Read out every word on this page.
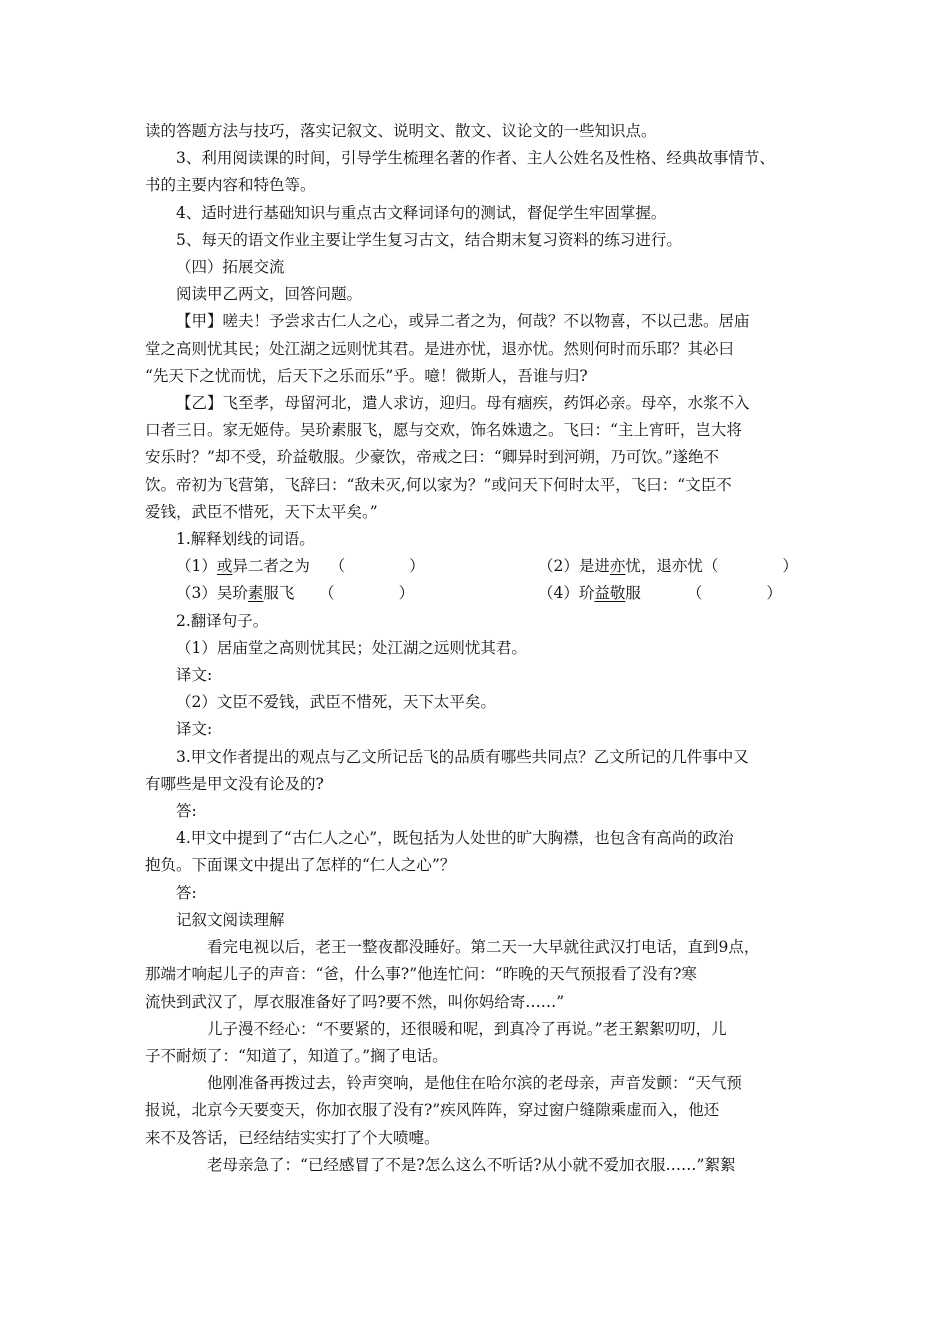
读的答题方法与技巧，落实记叙文、说明文、散文、议论文的一些知识点。

3、利用阅读课的时间，引导学生梳理名著的作者、主人公姓名及性格、经典故事情节、

书的主要内容和特色等。

4、适时进行基础知识与重点古文释词译句的测试，督促学生牢固掌握。

5、每天的语文作业主要让学生复习古文，结合期末复习资料的练习进行。

（四）拓展交流

阅读甲乙两文，回答问题。

【甲】嗟夫！予尝求古仁人之心，或异二者之为，何哉？不以物喜，不以己悲。居庙

堂之高则忧其民；处江湖之远则忧其君。是进亦忧，退亦忧。然则何时而乐耶？其必曰

“先天下之忧而忧，后天下之乐而乐”乎。噫！微斯人，吾谁与归?

【乙】飞至孝，母留河北，遣人求访，迎归。母有痼疾，药饵必亲。母卒，水浆不入

口者三日。家无姬侍。吴玠素服飞，愿与交欢，饰名姝遗之。飞曰：“主上宵旰，岂大将

安乐时？”却不受，玠益敬服。少豪饮，帝戒之曰：“卿异时到河朔，乃可饮。”遂绝不

饮。帝初为飞营第，飞辞曰：“敌未灭,何以家为？”或问天下何时太平，飞曰：“文臣不

爱钱，武臣不惜死，天下太平矣。”

1.解释划线的词语。

（1）或异二者之为 （	）	（2）是进亦忧，退亦忧（	）
（3）吴玠素服飞 （	）	（4）玠益敬服	（	）

2.翻译句子。

（1）居庙堂之高则忧其民；处江湖之远则忧其君。

译文:

（2）文臣不爱钱，武臣不惜死，天下太平矣。

译文:

3.甲文作者提出的观点与乙文所记岳飞的品质有哪些共同点？乙文所记的几件事中又

有哪些是甲文没有论及的?

答:

4.甲文中提到了“古仁人之心”，既包括为人处世的旷大胸襟，也包含有高尚的政治

抱负。下面课文中提出了怎样的“仁人之心”？

答:

记叙文阅读理解

看完电视以后，老王一整夜都没睡好。第二天一大早就往武汉打电话，直到9点，

那端才响起儿子的声音：“爸，什么事?”他连忙问：“昨晚的天气预报看了没有?寒

流快到武汉了，厚衣服准备好了吗?要不然，叫你妈给寄……”

儿子漫不经心：“不要紧的，还很暖和呢，到真冷了再说。”老王絮絮叨叨，儿

子不耐烦了：“知道了，知道了。”搁了电话。

他刚准备再拨过去，铃声突响，是他住在哈尔滨的老母亲，声音发颤：“天气预

报说，北京今天要变天，你加衣服了没有?”疾风阵阵，穿过窗户缝隙乘虚而入，他还

来不及答话，已经结结实实打了个大喷嚏。

老母亲急了：“已经感冒了不是?怎么这么不听话?从小就不爱加衣服……”絮絮
